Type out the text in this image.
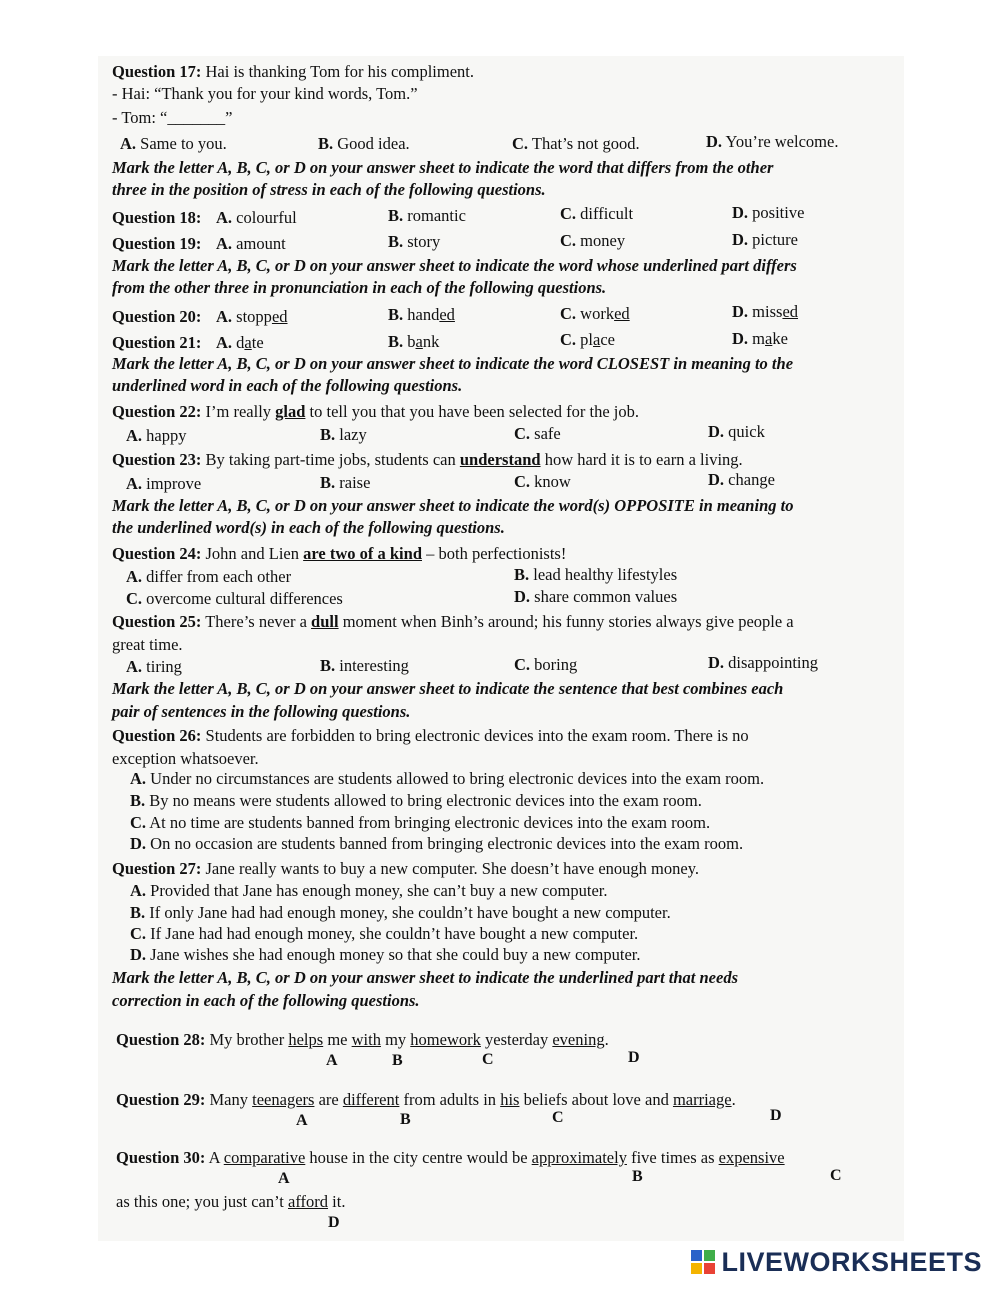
Question 17: Hai is thanking Tom for his compliment.
- Hai: “Thank you for your kind words, Tom.”
- Tom: “_______”
A. Same to you.	B. Good idea.	C. That’s not good.	D. You’re welcome.
Mark the letter A, B, C, or D on your answer sheet to indicate the word that differs from the other
three in the position of stress in each of the following questions.
Question 18: A. colourful	B. romantic	C. difficult	D. positive
Question 19: A. amount	B. story	C. money	D. picture
Mark the letter A, B, C, or D on your answer sheet to indicate the word whose underlined part differs
from the other three in pronunciation in each of the following questions.
Question 20: A. stopped	B. handed	C. worked	D. missed
Question 21: A. date	B. bank	C. place	D. make
Mark the letter A, B, C, or D on your answer sheet to indicate the word CLOSEST in meaning to the
underlined word in each of the following questions.
Question 22: I’m really glad to tell you that you have been selected for the job.
A. happy	B. lazy	C. safe	D. quick
Question 23: By taking part-time jobs, students can understand how hard it is to earn a living.
A. improve	B. raise	C. know	D. change
Mark the letter A, B, C, or D on your answer sheet to indicate the word(s) OPPOSITE in meaning to
the underlined word(s) in each of the following questions.
Question 24: John and Lien are two of a kind – both perfectionists!
A. differ from each other	B. lead healthy lifestyles
C. overcome cultural differences	D. share common values
Question 25: There’s never a dull moment when Binh’s around; his funny stories always give people a
great time.
A. tiring	B. interesting	C. boring	D. disappointing
Mark the letter A, B, C, or D on your answer sheet to indicate the sentence that best combines each
pair of sentences in the following questions.
Question 26: Students are forbidden to bring electronic devices into the exam room. There is no
exception whatsoever.
A. Under no circumstances are students allowed to bring electronic devices into the exam room.
B. By no means were students allowed to bring electronic devices into the exam room.
C. At no time are students banned from bringing electronic devices into the exam room.
D. On no occasion are students banned from bringing electronic devices into the exam room.
Question 27: Jane really wants to buy a new computer. She doesn’t have enough money.
A. Provided that Jane has enough money, she can’t buy a new computer.
B. If only Jane had had enough money, she couldn’t have bought a new computer.
C. If Jane had had enough money, she couldn’t have bought a new computer.
D. Jane wishes she had enough money so that she could buy a new computer.
Mark the letter A, B, C, or D on your answer sheet to indicate the underlined part that needs
correction in each of the following questions.
Question 28: My brother helps me with my homework yesterday evening.
A	B	C	D
Question 29: Many teenagers are different from adults in his beliefs about love and marriage.
A	B	C	D
Question 30: A comparative house in the city centre would be approximately five times as expensive
A	B	C
as this one; you just can’t afford it.
D
LIVEWORKSHEETS
